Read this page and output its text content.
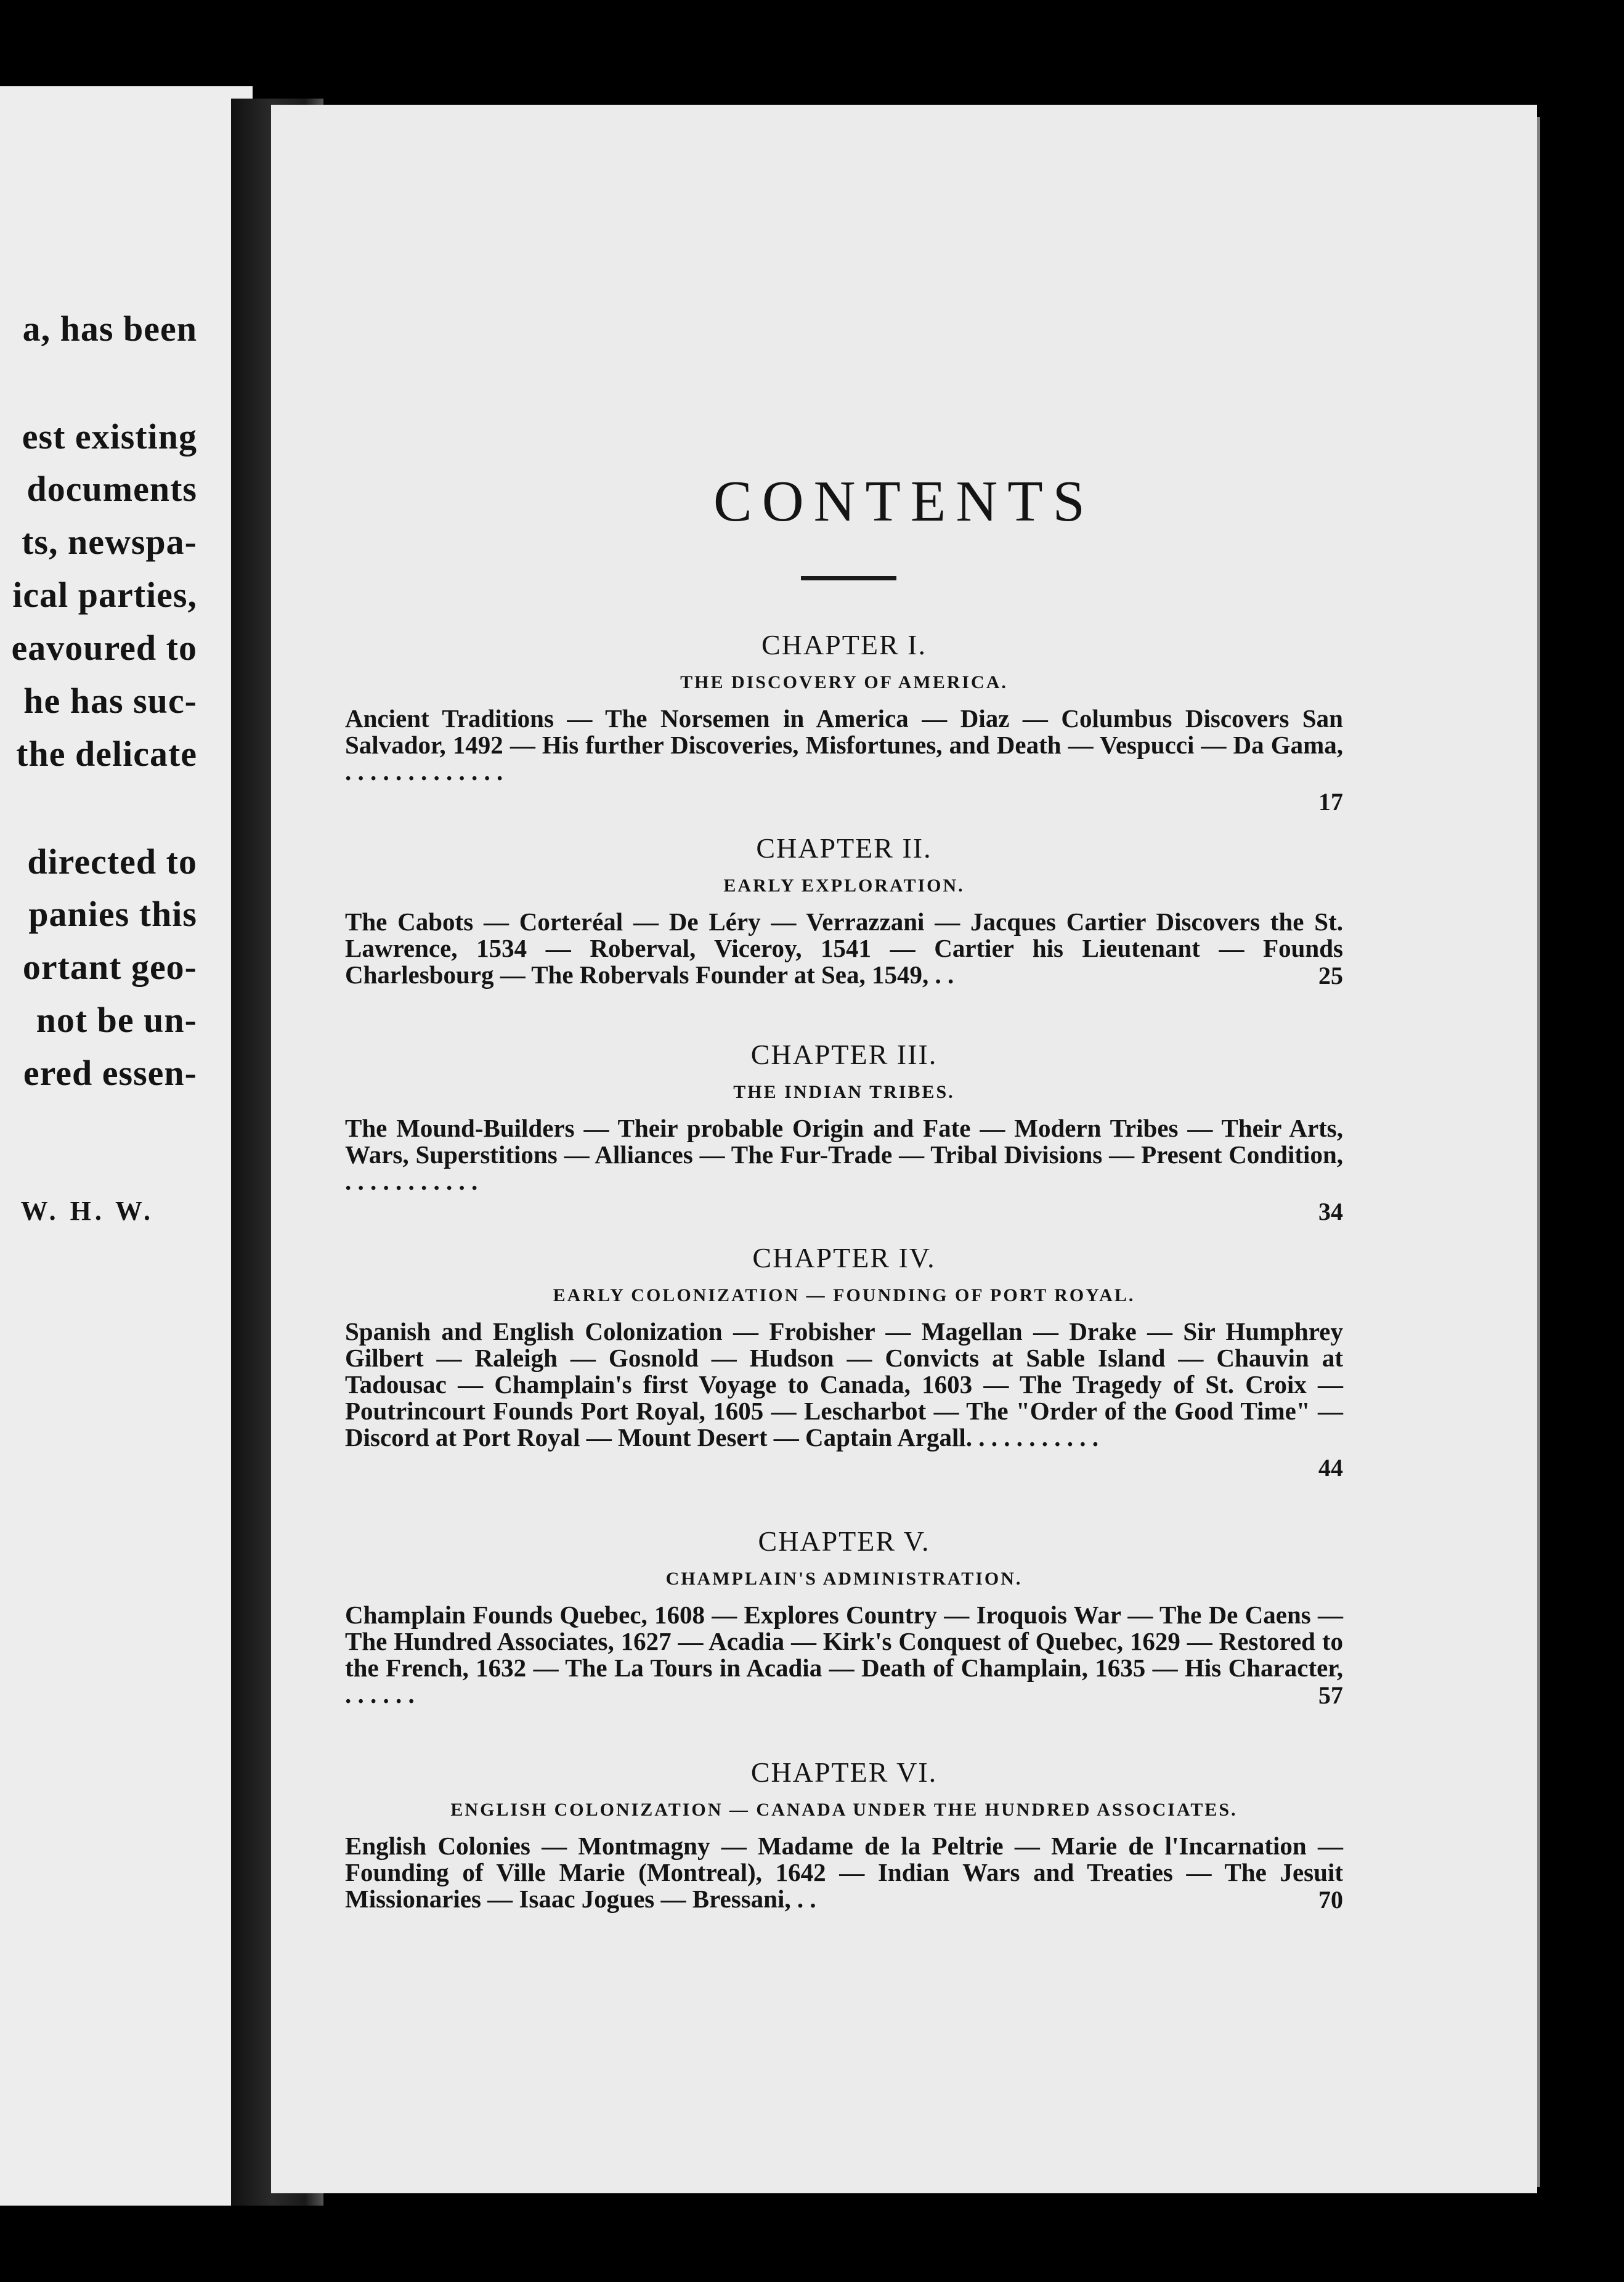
a, has been
est existing
documents
ts, newspa-
ical parties,
eavoured to
he has suc-
the delicate
directed to
panies this
ortant geo-
not be un-
ered essen-
W. H. W.
CONTENTS

CHAPTER I.

THE DISCOVERY OF AMERICA.

Ancient Traditions — The Norsemen in America — Diaz — Columbus Discovers San Salvador, 1492 — His further Discoveries, Misfortunes, and Death — Vespucci — Da Gama, . . . . . . . . . . . . .

17

CHAPTER II.

EARLY EXPLORATION.

The Cabots — Corteréal — De Léry — Verrazzani — Jacques Cartier Discovers the St. Lawrence, 1534 — Roberval, Viceroy, 1541 — Cartier his Lieutenant — Founds Charlesbourg — The Robervals Founder at Sea, 1549, . .	25

CHAPTER III.

THE INDIAN TRIBES.

The Mound-Builders — Their probable Origin and Fate — Modern Tribes — Their Arts, Wars, Superstitions — Alliances — The Fur-Trade — Tribal Divisions — Present Condition, . . . . . . . . . . .

34

CHAPTER IV.

EARLY COLONIZATION — FOUNDING OF PORT ROYAL.

Spanish and English Colonization — Frobisher — Magellan — Drake — Sir Humphrey Gilbert — Raleigh — Gosnold — Hudson — Convicts at Sable Island — Chauvin at Tadousac — Champlain's first Voyage to Canada, 1603 — The Tragedy of St. Croix — Poutrincourt Founds Port Royal, 1605 — Lescharbot — The "Order of the Good Time" — Discord at Port Royal — Mount Desert — Captain Argall. . . . . . . . . . .

44

CHAPTER V.

CHAMPLAIN'S ADMINISTRATION.

Champlain Founds Quebec, 1608 — Explores Country — Iroquois War — The De Caens — The Hundred Associates, 1627 — Acadia — Kirk's Conquest of Quebec, 1629 — Restored to the French, 1632 — The La Tours in Acadia — Death of Champlain, 1635 — His Character, . . . . . .	57

CHAPTER VI.

ENGLISH COLONIZATION — CANADA UNDER THE HUNDRED ASSOCIATES.

English Colonies — Montmagny — Madame de la Peltrie — Marie de l'Incarnation — Founding of Ville Marie (Montreal), 1642 — Indian Wars and Treaties — The Jesuit Missionaries — Isaac Jogues — Bressani, . .	70
